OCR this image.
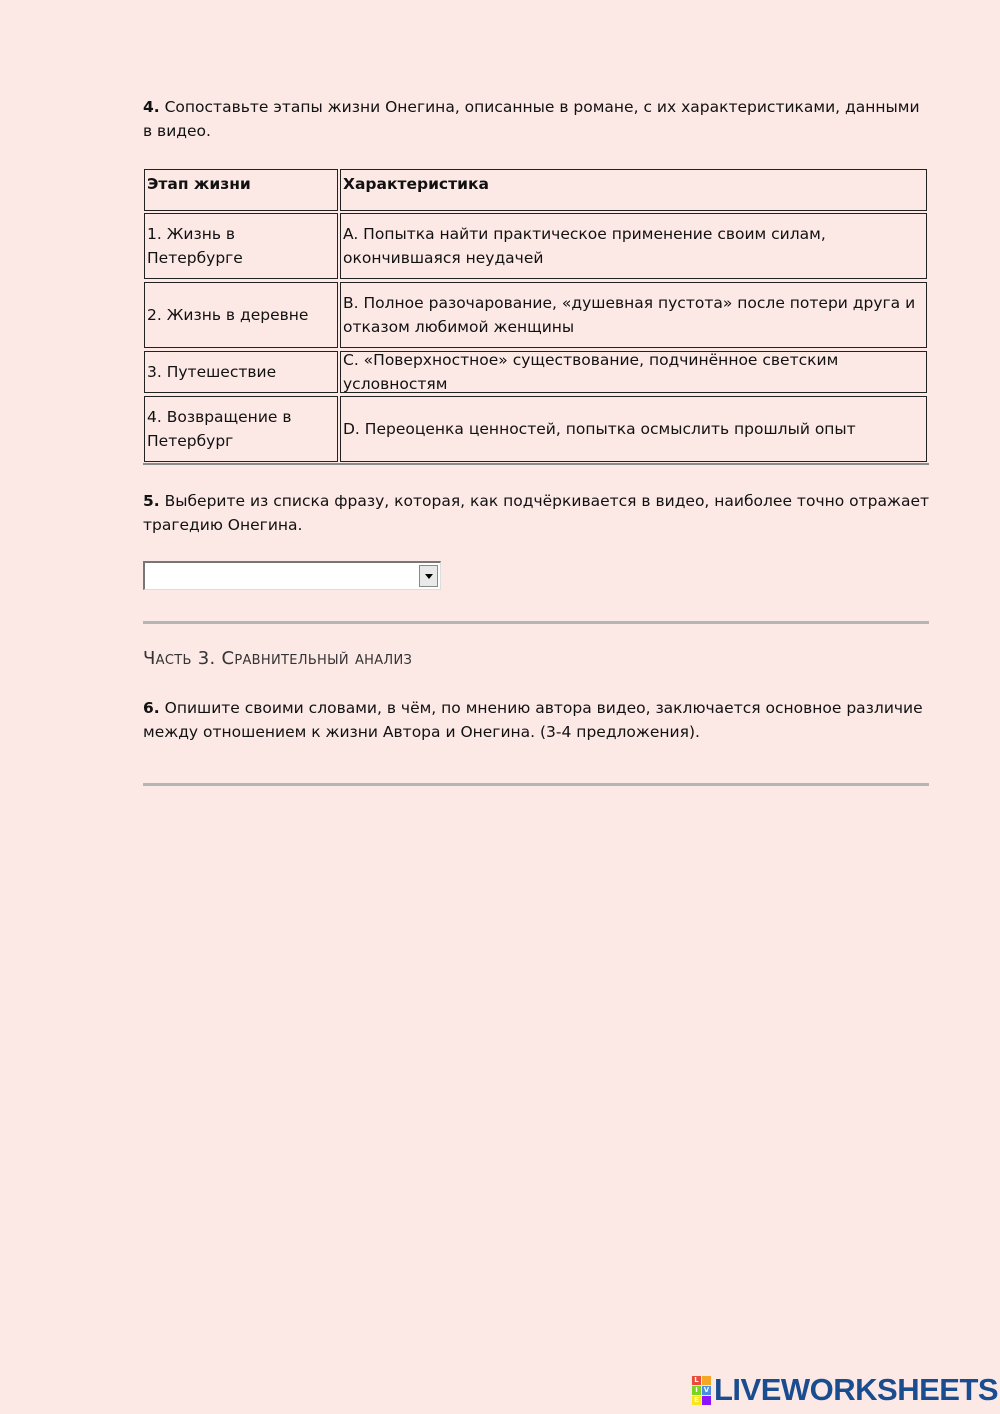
4. Сопоставьте этапы жизни Онегина, описанные в романе, с их характеристиками, данными в видео.
Этап жизни	Характеристика
1. Жизнь в Петербурге
A. Попытка найти практическое применение своим силам, окончившаяся неудачей
2. Жизнь в деревне
B. Полное разочарование, «душевная пустота» после потери друга и отказом любимой женщины
3. Путешествие
C. «Поверхностное» существование, подчинённое светским условностям
4. Возвращение в Петербург
D. Переоценка ценностей, попытка осмыслить прошлый опыт
5. Выберите из списка фразу, которая, как подчёркивается в видео, наиболее точно отражает трагедию Онегина.
Часть 3. Сравнительный анализ
6. Опишите своими словами, в чём, по мнению автора видео, заключается основное различие между отношением к жизни Автора и Онегина. (3-4 предложения).
L
I V
E LIVEWORKSHEETS
